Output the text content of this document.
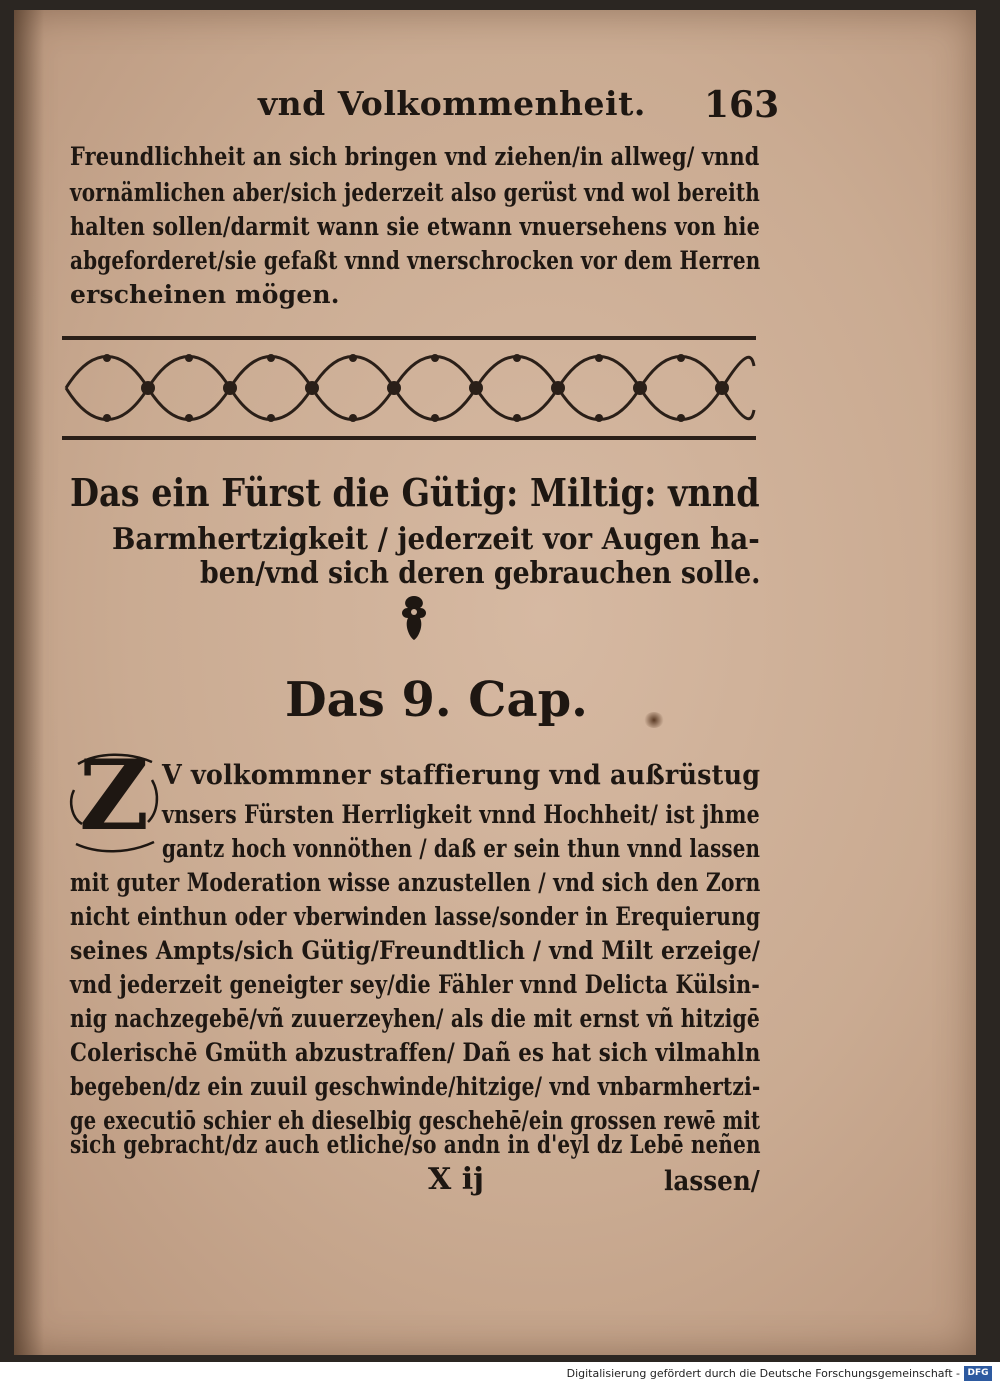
vnd Volkommenheit. 163
Freundlichheit an sich bringen vnd ziehen/in allweg/ vnnd
vornämlichen aber/sich jederzeit also gerüst vnd wol bereith
halten sollen/darmit wann sie etwann vnuersehens von hie
abgeforderet/sie gefaßt vnnd vnerschrocken vor dem Herren
erscheinen mögen.
Das ein Fürst die Gütig: Miltig: vnnd
Barmhertzigkeit / jederzeit vor Augen ha-
ben/vnd sich deren gebrauchen solle.
Das 9. Cap.
Z V volkommner staffierung vnd außrüstug
vnsers Fürsten Herrligkeit vnnd Hochheit/ ist jhme
gantz hoch vonnöthen / daß er sein thun vnnd lassen
mit guter Moderation wisse anzustellen / vnd sich den Zorn
nicht einthun oder vberwinden lasse/sonder in Erequierung
seines Ampts/sich Gütig/Freundtlich / vnd Milt erzeige/
vnd jederzeit geneigter sey/die Fähler vnnd Delicta Külsin-
nig nachzegebē/vñ zuuerzeyhen/ als die mit ernst vñ hitzigē
Colerischē Gmüth abzustraffen/ Dañ es hat sich vilmahln
begeben/dz ein zuuil geschwinde/hitzige/ vnd vnbarmhertzi-
ge executiō schier eh dieselbig geschehē/ein grossen rewē mit
sich gebracht/dz auch etliche/so andn in d'eyl dz Lebē neñen
X ij	lassen/
Digitalisierung gefördert durch die Deutsche Forschungsgemeinschaft - DFG
